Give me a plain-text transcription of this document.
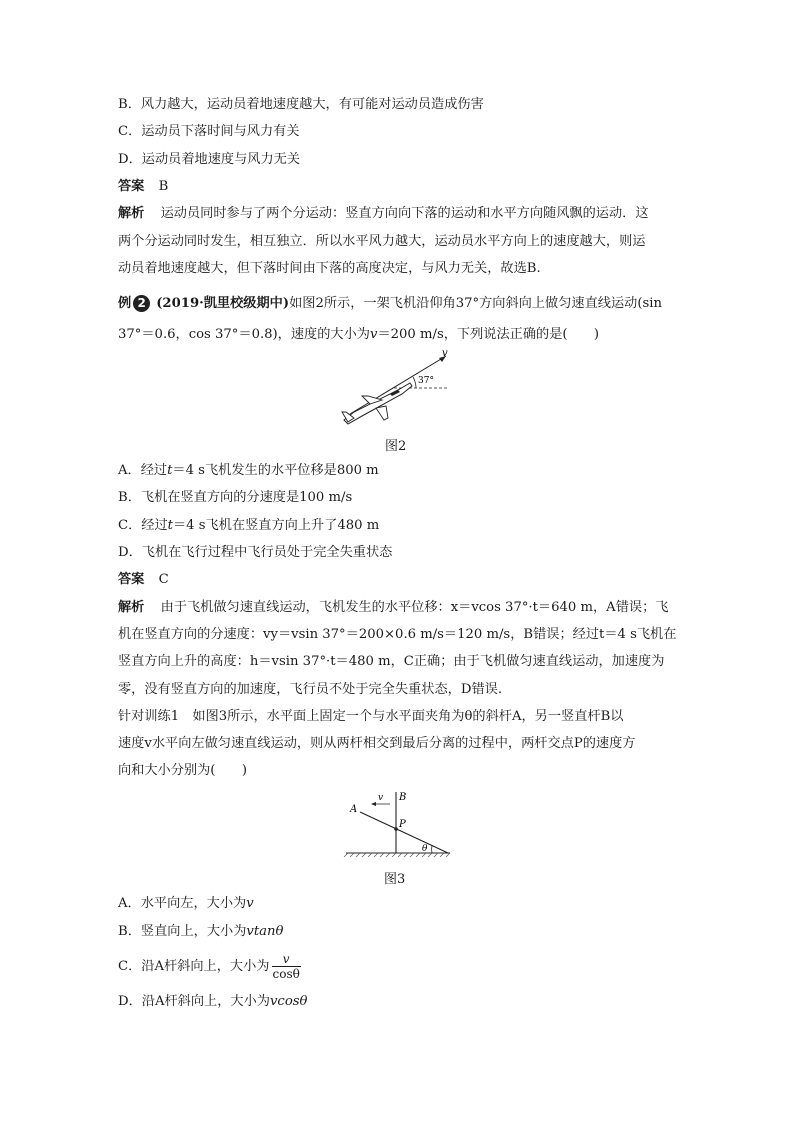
B．风力越大，运动员着地速度越大，有可能对运动员造成伤害
C．运动员下落时间与风力有关
D．运动员着地速度与风力无关
答案 B
解析 运动员同时参与了两个分运动：竖直方向向下落的运动和水平方向随风飘的运动．这
两个分运动同时发生，相互独立．所以水平风力越大，运动员水平方向上的速度越大，则运
动员着地速度越大，但下落时间由下落的高度决定，与风力无关，故选B.
例 2 (2019·凯里校级期中)如图2所示，一架飞机沿仰角37°方向斜向上做匀速直线运动(sin
37°＝0.6，cos 37°＝0.8)，速度的大小为v＝200 m/s，下列说法正确的是(　　)
v
37°
图2
A．经过t＝4 s飞机发生的水平位移是800 m
B．飞机在竖直方向的分速度是100 m/s
C．经过t＝4 s飞机在竖直方向上升了480 m
D．飞机在飞行过程中飞行员处于完全失重状态
答案 C
解析 由于飞机做匀速直线运动，飞机发生的水平位移：x＝vcos 37°·t＝640 m，A错误；飞
机在竖直方向的分速度：vy＝vsin 37°＝200×0.6 m/s＝120 m/s，B错误；经过t＝4 s飞机在
竖直方向上升的高度：h＝vsin 37°·t＝480 m，C正确；由于飞机做匀速直线运动，加速度为
零，没有竖直方向的加速度，飞行员不处于完全失重状态，D错误.
针对训练1　如图3所示，水平面上固定一个与水平面夹角为θ的斜杆A，另一竖直杆B以
速度v水平向左做匀速直线运动，则从两杆相交到最后分离的过程中，两杆交点P的速度方
向和大小分别为(　　)
A
B
P
v
θ
图3
A．水平向左，大小为v
B．竖直向上，大小为vtanθ
C．沿A杆斜向上，大小为 $\frac{v}{\cos\theta}$
D．沿A杆斜向上，大小为vcosθ
